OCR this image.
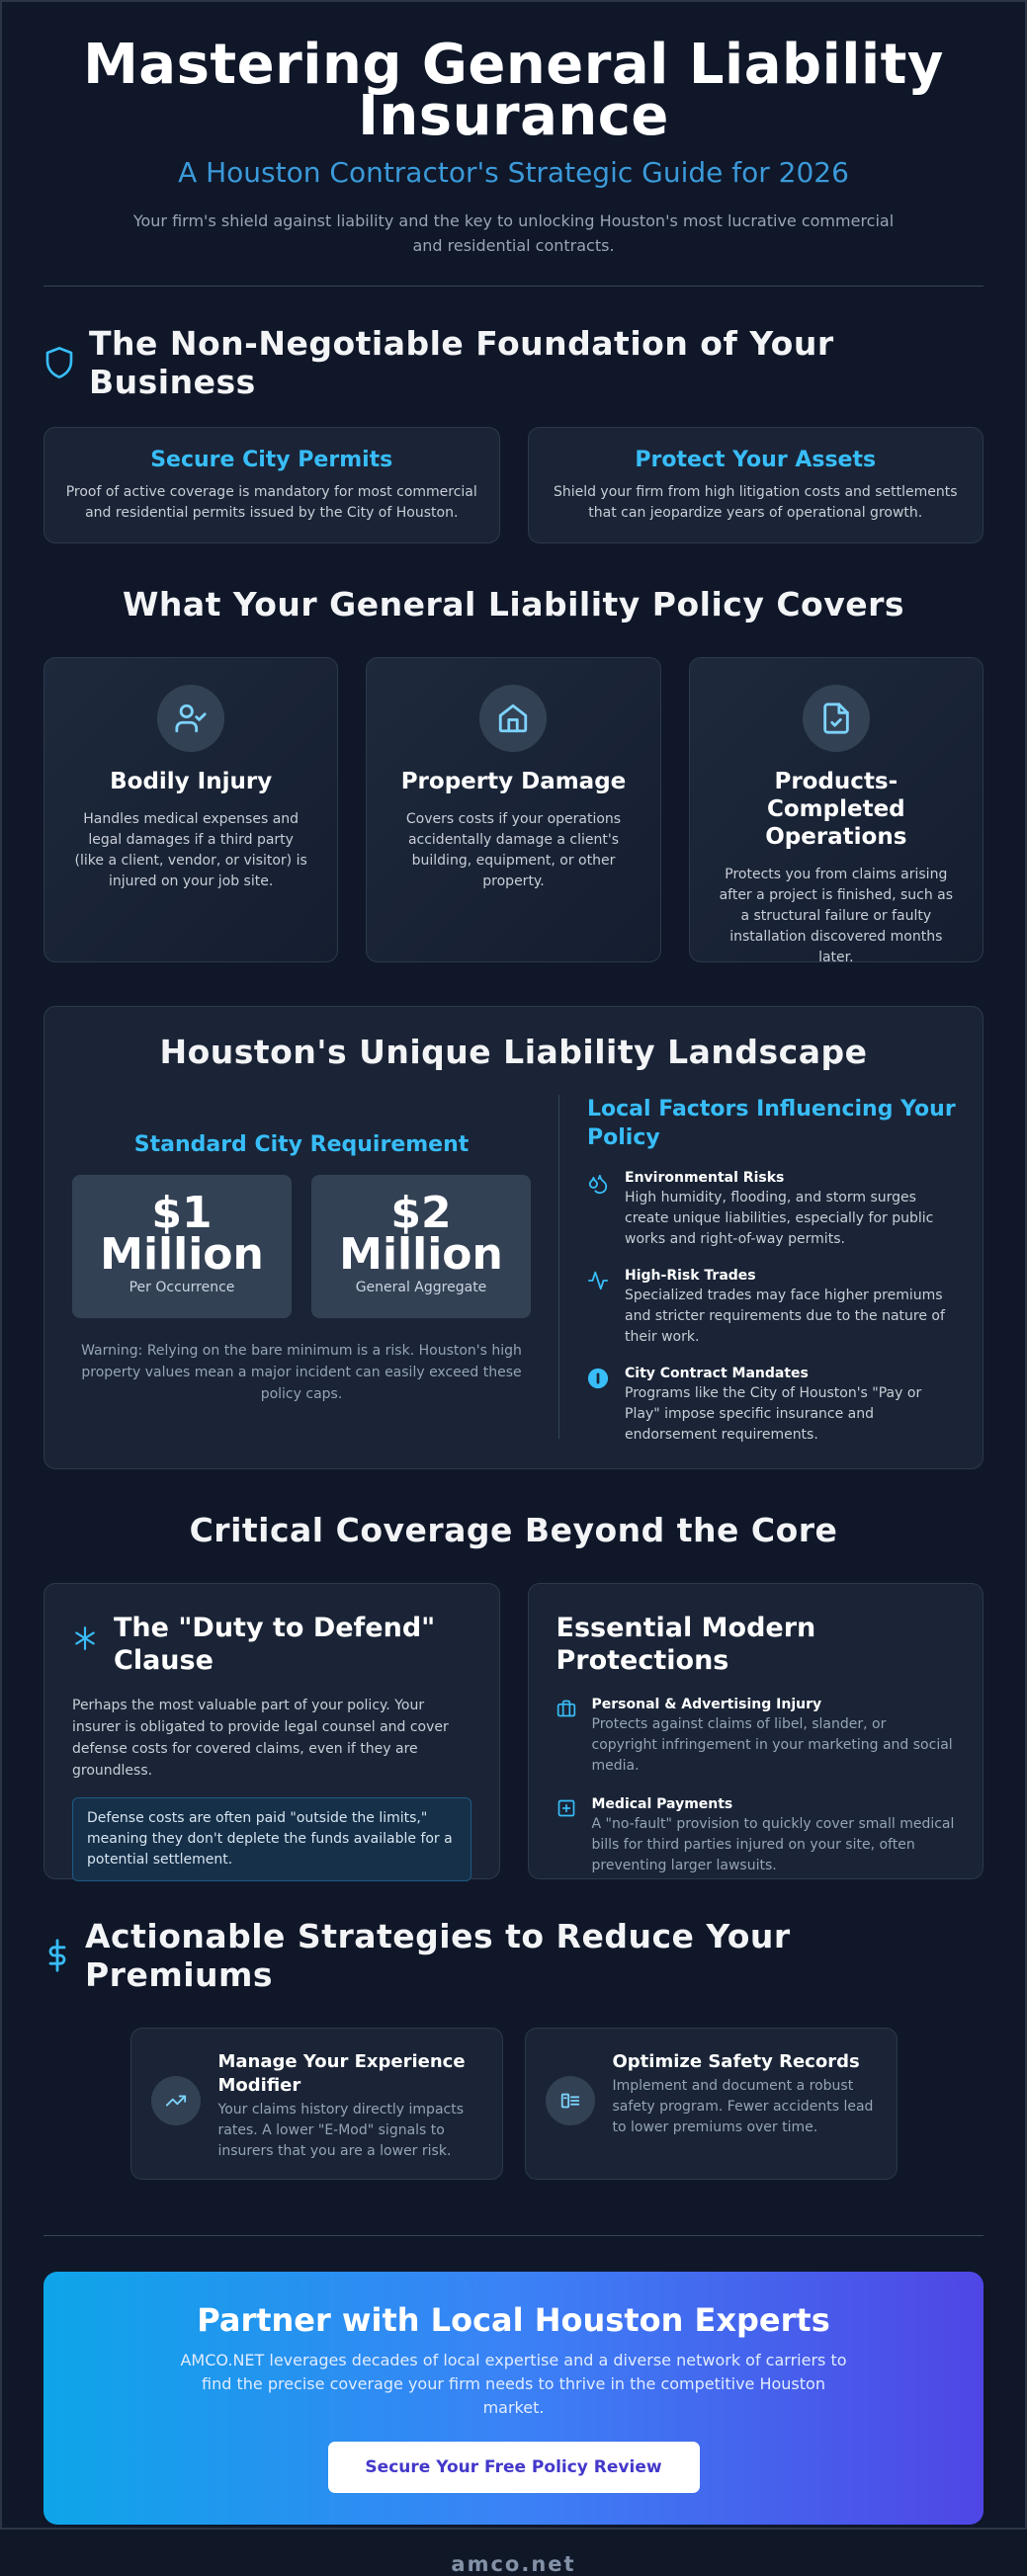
Mastering General Liability Insurance
A Houston Contractor's Strategic Guide for 2026

Your firm's shield against liability and the key to unlocking Houston's most lucrative commercial and residential contracts.

The Non-Negotiable Foundation of Your Business
Secure City Permits

Proof of active coverage is mandatory for most commercial and residential permits issued by the City of Houston.

Protect Your Assets

Shield your firm from high litigation costs and settlements that can jeopardize years of operational growth.

What Your General Liability Policy Covers
Bodily Injury

Handles medical expenses and legal damages if a third party (like a client, vendor, or visitor) is injured on your job site.

Property Damage

Covers costs if your operations accidentally damage a client's building, equipment, or other property.

Products-Completed Operations

Protects you from claims arising after a project is finished, such as a structural failure or faulty installation discovered months later.

Houston's Unique Liability Landscape
Standard City Requirement
$1 Million
Per Occurrence
$2 Million
General Aggregate

Warning: Relying on the bare minimum is a risk. Houston's high property values mean a major incident can easily exceed these policy caps.

Local Factors Influencing Your Policy
Environmental Risks

High humidity, flooding, and storm surges create unique liabilities, especially for public works and right-of-way permits.

High-Risk Trades

Specialized trades may face higher premiums and stricter requirements due to the nature of their work.

City Contract Mandates

Programs like the City of Houston's "Pay or Play" impose specific insurance and endorsement requirements.

Critical Coverage Beyond the Core
The "Duty to Defend" Clause

Perhaps the most valuable part of your policy. Your insurer is obligated to provide legal counsel and cover defense costs for covered claims, even if they are groundless.

Defense costs are often paid "outside the limits," meaning they don't deplete the funds available for a potential settlement.
Essential Modern Protections
Personal & Advertising Injury

Protects against claims of libel, slander, or copyright infringement in your marketing and social media.

Medical Payments

A "no-fault" provision to quickly cover small medical bills for third parties injured on your site, often preventing larger lawsuits.

Actionable Strategies to Reduce Your Premiums
Manage Your Experience Modifier

Your claims history directly impacts rates. A lower "E-Mod" signals to insurers that you are a lower risk.

Optimize Safety Records

Implement and document a robust safety program. Fewer accidents lead to lower premiums over time.

Partner with Local Houston Experts

AMCO.NET leverages decades of local expertise and a diverse network of carriers to find the precise coverage your firm needs to thrive in the competitive Houston market.

Secure Your Free Policy Review
amco.net
